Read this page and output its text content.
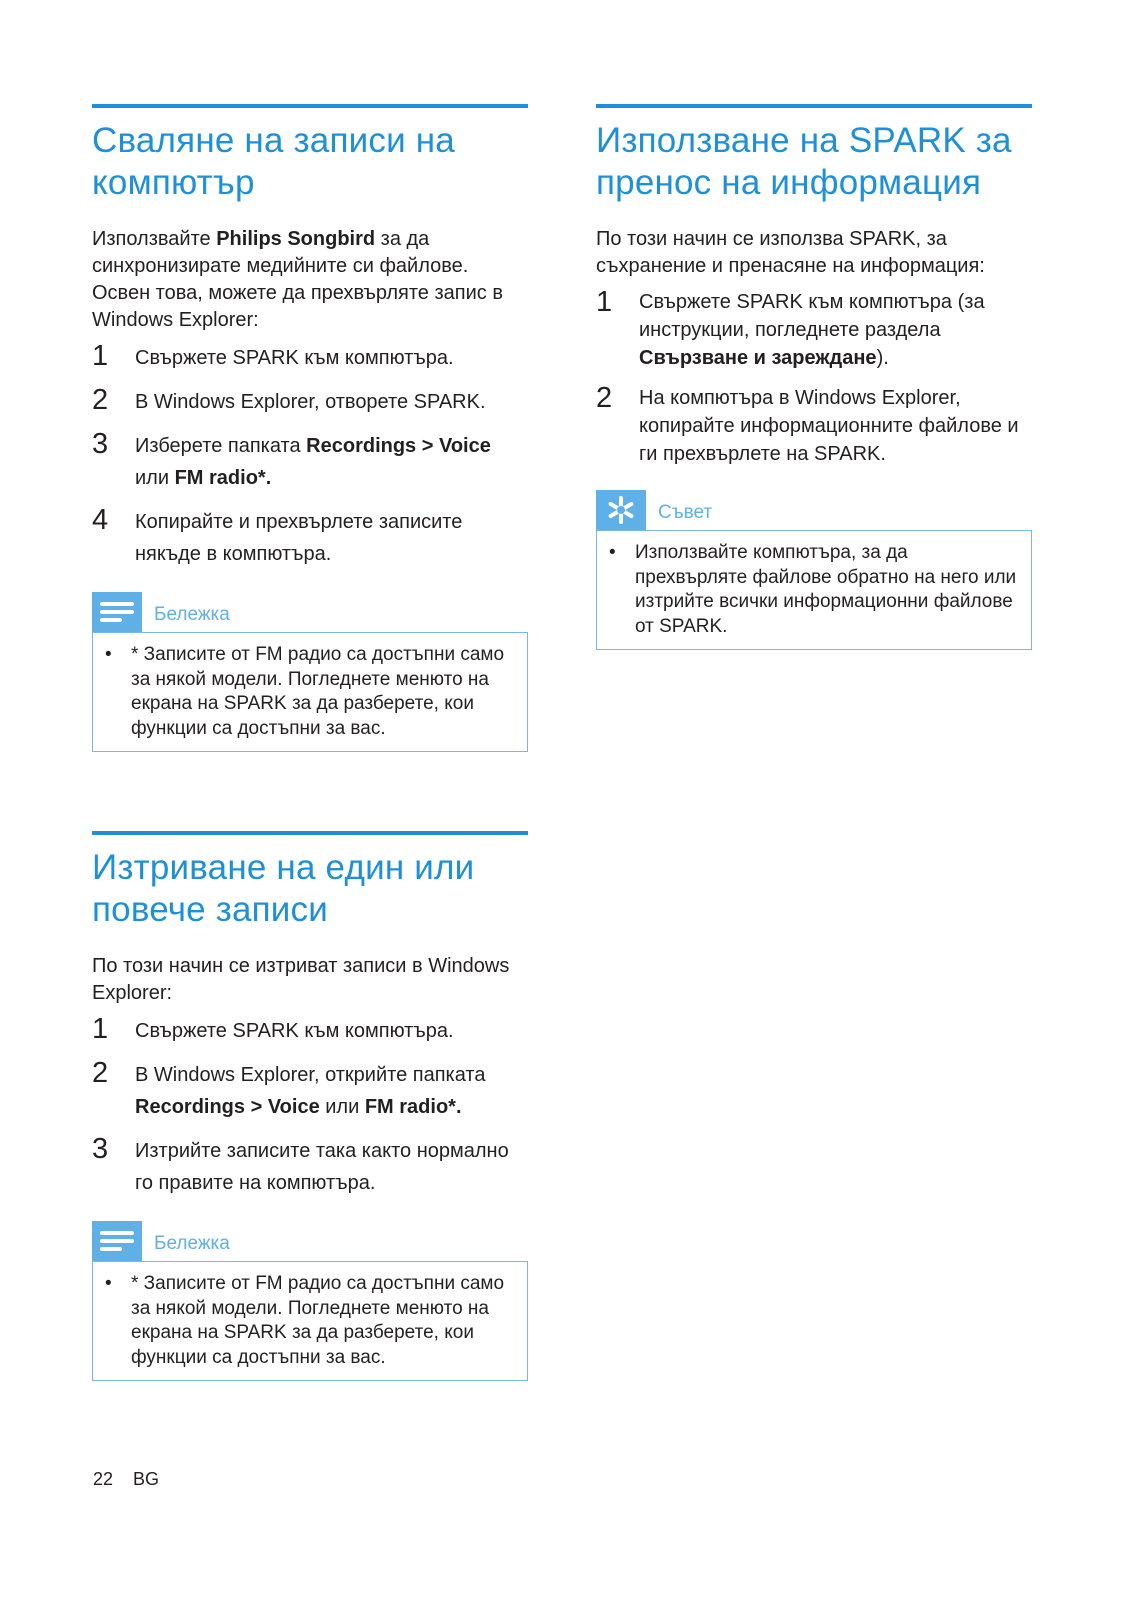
Сваляне на записи на компютър
Използвайте Philips Songbird за да синхронизирате медийните си файлове. Освен това, можете да прехвърляте запис в Windows Explorer:
1	Свържете SPARK към компютъра.
2	В Windows Explorer, отворете SPARK.
3	Изберете папката Recordings > Voice или FM radio*.
4	Копирайте и прехвърлете записите някъде в компютъра.
Бележка
•	* Записите от FM радио са достъпни само за някой модели. Погледнете менюто на екрана на SPARK за да разберете, кои функции са достъпни за вас.
Изтриване на един или повече записи
По този начин се изтриват записи в Windows Explorer:
1	Свържете SPARK към компютъра.
2	В Windows Explorer, открийте папката Recordings > Voice или FM radio*.
3	Изтрийте записите така както нормално го правите на компютъра.
Бележка
•	* Записите от FM радио са достъпни само за някой модели. Погледнете менюто на екрана на SPARK за да разберете, кои функции са достъпни за вас.
Използване на SPARK за пренос на информация
По този начин се използва SPARK, за съхранение и пренасяне на информация:
1	Свържете SPARK към компютъра (за инструкции, погледнете раздела Свързване и зареждане).
2	На компютъра в Windows Explorer, копирайте информационните файлове и ги прехвърлете на SPARK.
Съвет
•	Използвайте компютъра, за да прехвърляте файлове обратно на него или изтрийте всички информационни файлове от SPARK.
22 BG
